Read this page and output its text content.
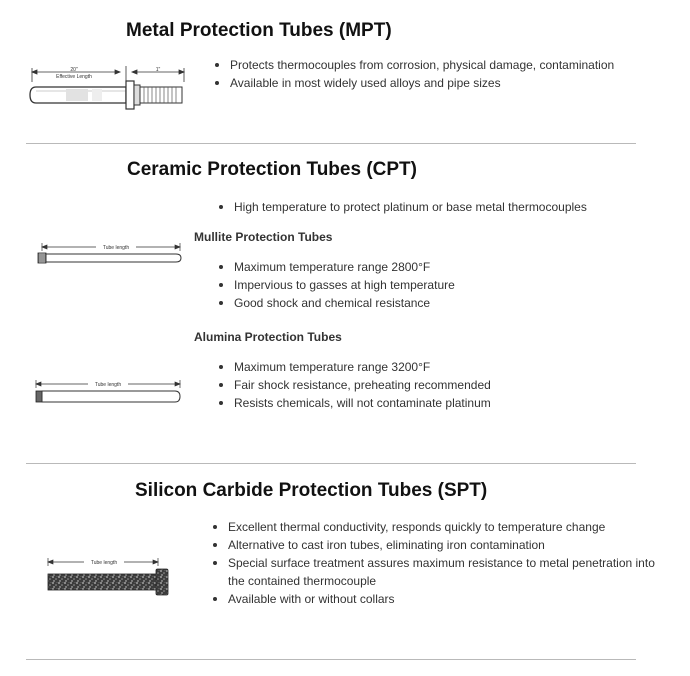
Metal Protection Tubes (MPT)
20"
Effective Length
1"	Protects thermocouples from corrosion, physical damage, contamination
Available in most widely used alloys and pipe sizes
Ceramic Protection Tubes (CPT)
High temperature to protect platinum or base metal thermocouples
Mullite Protection Tubes
Tube length
Maximum temperature range 2800°F
Impervious to gasses at high temperature
Good shock and chemical resistance
Alumina Protection Tubes
Tube length
Maximum temperature range 3200°F
Fair shock resistance, preheating recommended
Resists chemicals, will not contaminate platinum
Silicon Carbide Protection Tubes (SPT)
Tube length
Excellent thermal conductivity, responds quickly to temperature change
Alternative to cast iron tubes, eliminating iron contamination
Special surface treatment assures maximum resistance to metal penetration into the contained thermocouple
Available with or without collars
